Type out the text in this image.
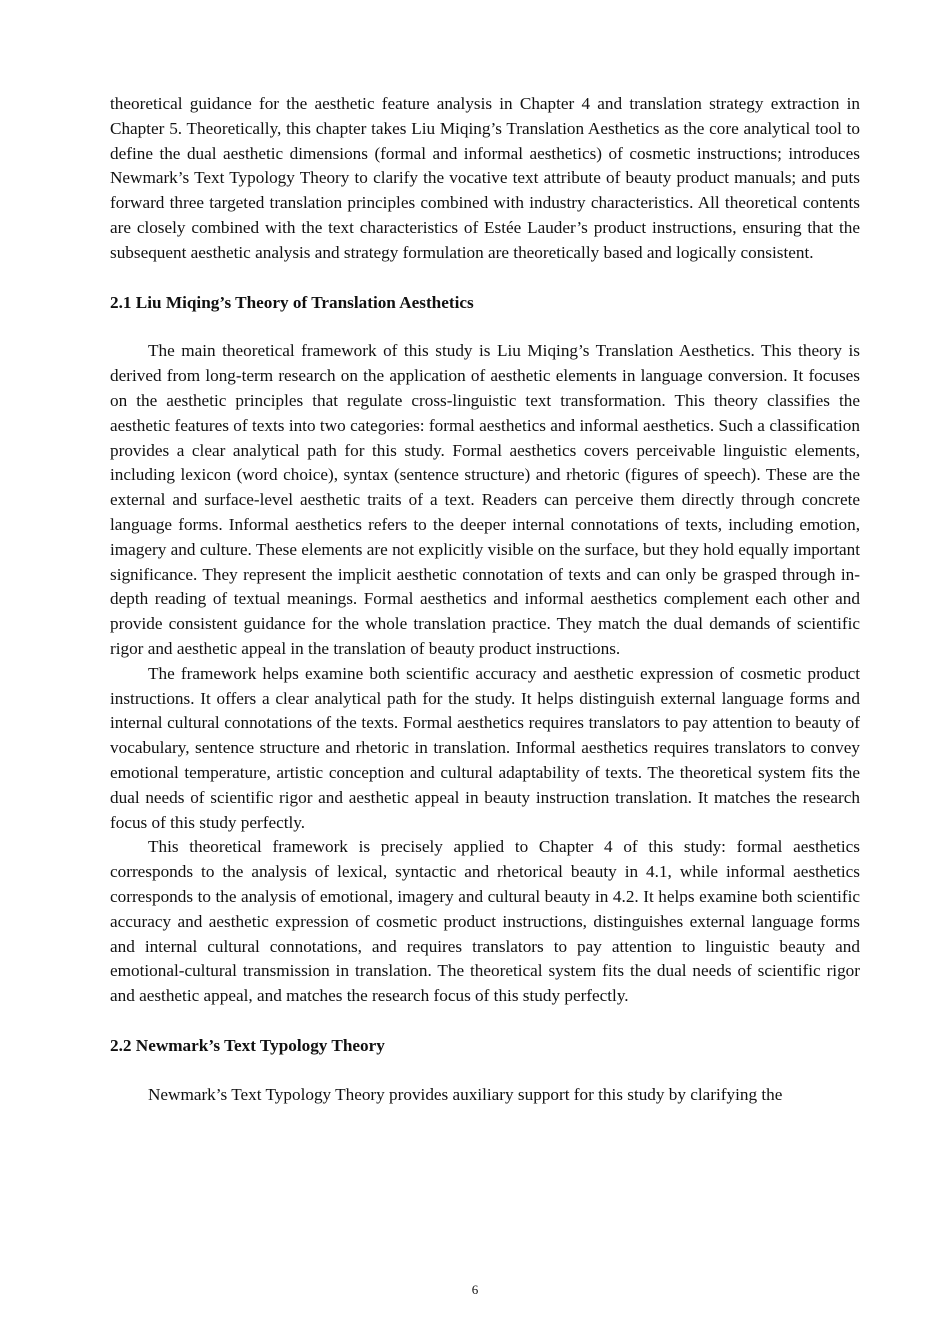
theoretical guidance for the aesthetic feature analysis in Chapter 4 and translation strategy extraction in Chapter 5. Theoretically, this chapter takes Liu Miqing’s Translation Aesthetics as the core analytical tool to define the dual aesthetic dimensions (formal and informal aesthetics) of cosmetic instructions; introduces Newmark’s Text Typology Theory to clarify the vocative text attribute of beauty product manuals; and puts forward three targeted translation principles combined with industry characteristics. All theoretical contents are closely combined with the text characteristics of Estée Lauder’s product instructions, ensuring that the subsequent aesthetic analysis and strategy formulation are theoretically based and logically consistent.

2.1 Liu Miqing’s Theory of Translation Aesthetics

The main theoretical framework of this study is Liu Miqing’s Translation Aesthetics. This theory is derived from long-term research on the application of aesthetic elements in language conversion. It focuses on the aesthetic principles that regulate cross-linguistic text transformation. This theory classifies the aesthetic features of texts into two categories: formal aesthetics and informal aesthetics. Such a classification provides a clear analytical path for this study. Formal aesthetics covers perceivable linguistic elements, including lexicon (word choice), syntax (sentence structure) and rhetoric (figures of speech). These are the external and surface-level aesthetic traits of a text. Readers can perceive them directly through concrete language forms. Informal aesthetics refers to the deeper internal connotations of texts, including emotion, imagery and culture. These elements are not explicitly visible on the surface, but they hold equally important significance. They represent the implicit aesthetic connotation of texts and can only be grasped through in-depth reading of textual meanings. Formal aesthetics and informal aesthetics complement each other and provide consistent guidance for the whole translation practice. They match the dual demands of scientific rigor and aesthetic appeal in the translation of beauty product instructions.

The framework helps examine both scientific accuracy and aesthetic expression of cosmetic product instructions. It offers a clear analytical path for the study. It helps distinguish external language forms and internal cultural connotations of the texts. Formal aesthetics requires translators to pay attention to beauty of vocabulary, sentence structure and rhetoric in translation. Informal aesthetics requires translators to convey emotional temperature, artistic conception and cultural adaptability of texts. The theoretical system fits the dual needs of scientific rigor and aesthetic appeal in beauty instruction translation. It matches the research focus of this study perfectly.

This theoretical framework is precisely applied to Chapter 4 of this study: formal aesthetics corresponds to the analysis of lexical, syntactic and rhetorical beauty in 4.1, while informal aesthetics corresponds to the analysis of emotional, imagery and cultural beauty in 4.2. It helps examine both scientific accuracy and aesthetic expression of cosmetic product instructions, distinguishes external language forms and internal cultural connotations, and requires translators to pay attention to linguistic beauty and emotional-cultural transmission in translation. The theoretical system fits the dual needs of scientific rigor and aesthetic appeal, and matches the research focus of this study perfectly.

2.2 Newmark’s Text Typology Theory

Newmark’s Text Typology Theory provides auxiliary support for this study by clarifying the

6
